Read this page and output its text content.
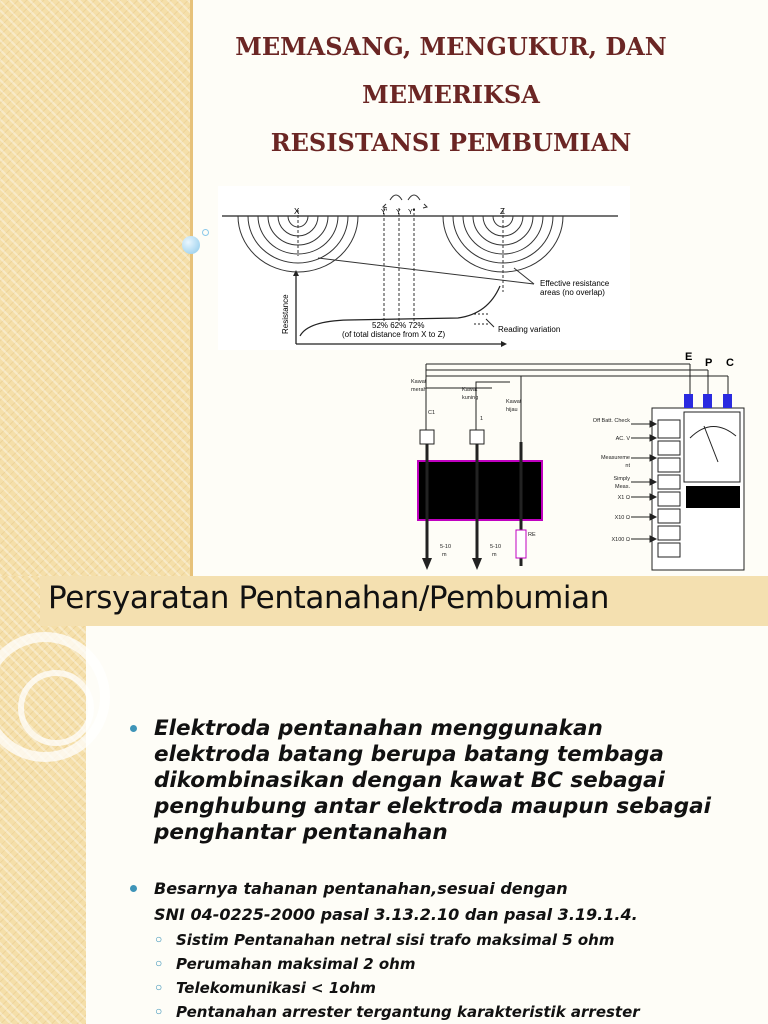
MEMASANG, MENGUKUR, DAN
MEMERIKSA
RESISTANSI PEMBUMIAN
X	Y' Y Y''	Z
Effective resistance
areas (no overlap)
Resistance	52% 62% 72%
(of total distance from X to Z)
Reading variation
E P C
Kawat
merah	Kawat
kuning
Kawat
hijau
C1
1
RE
5-10
m
5-10
m
Off Batt. Check
AC. V
Measureme
nt
Simply
Meas.
X1 Ω
X10 Ω
X100 Ω
Persyaratan Pentanahan/Pembumian
Elektroda pentanahan menggunakan
elektroda batang berupa batang tembaga
dikombinasikan dengan kawat BC sebagai
penghubung antar elektroda maupun sebagai
penghantar pentanahan
Besarnya tahanan pentanahan,sesuai dengan
SNI 04-0225-2000 pasal 3.13.2.10 dan pasal 3.19.1.4.
◦ Sistim Pentanahan netral sisi trafo maksimal 5 ohm
◦ Perumahan maksimal 2 ohm
◦ Telekomunikasi < 1ohm
◦ Pentanahan arrester tergantung karakteristik arrester
